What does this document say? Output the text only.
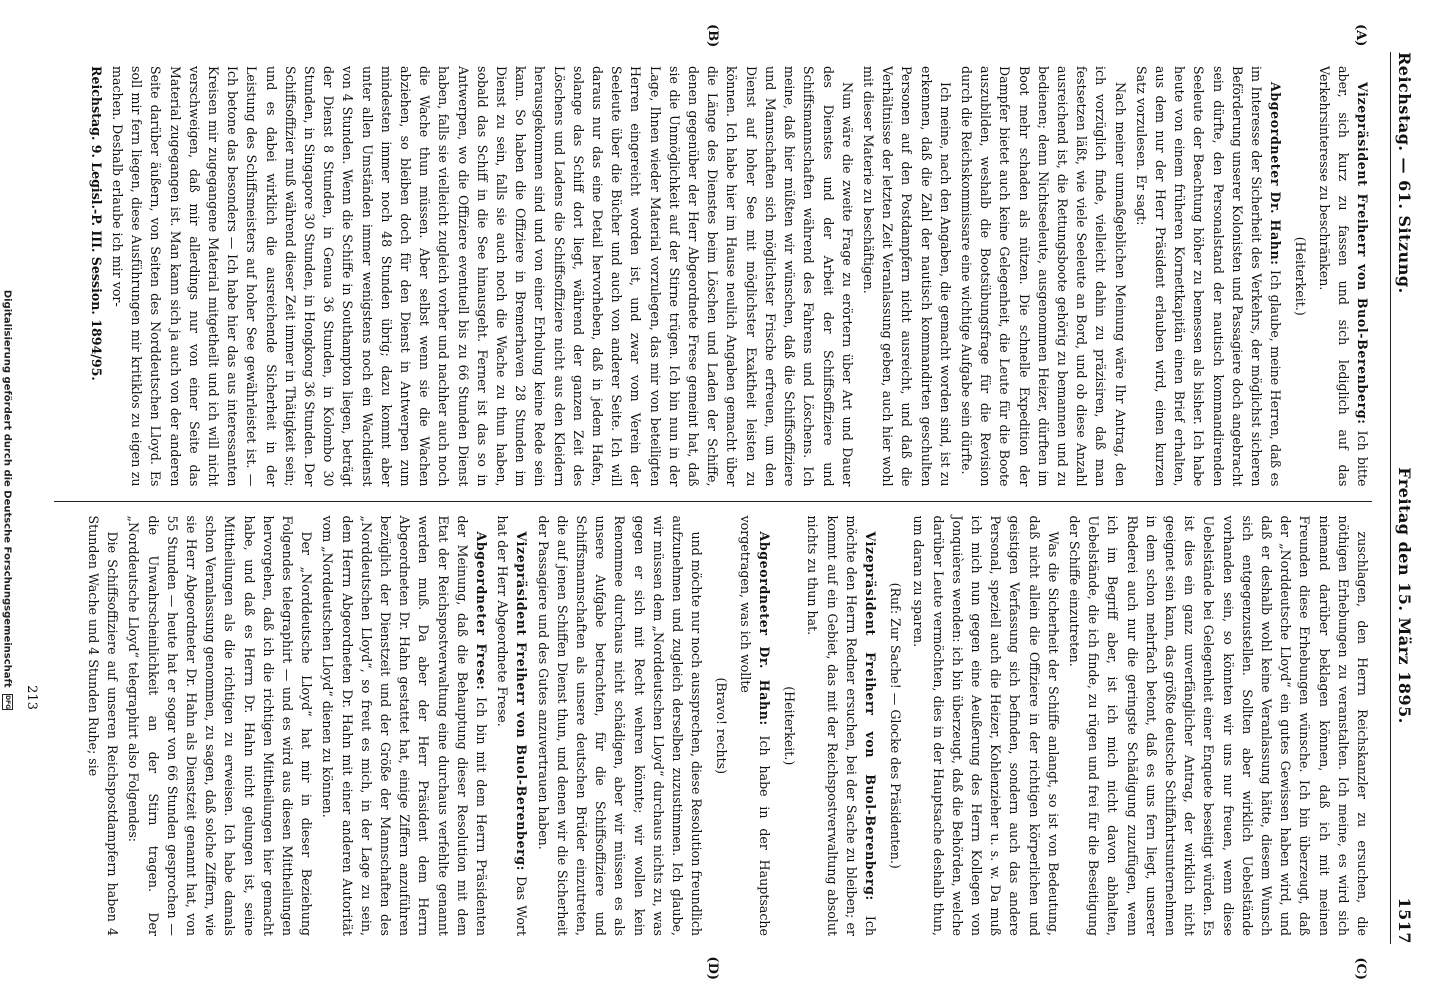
Reichstag. — 61. Sitzung.
Freitag den 15. März 1895.
1517
(A)
(B)
(C)
(D)

Vizepräsident Freiherr von Buol-Berenberg: Ich bitte aber, sich kurz zu fassen und sich lediglich auf das Verkehrsinteresse zu beschränken.

(Heiterkeit.)

Abgeordneter Dr. Hahn: Ich glaube, meine Herren, daß es im Interesse der Sicherheit des Verkehrs, der möglichst sicheren Beförderung unserer Kolonisten und Passagiere doch angebracht sein dürfte, den Personalstand der nautisch kommandirenden Seeleute der Beachtung höher zu bemessen als bisher. Ich habe heute von einem früheren Kornettkapitän einen Brief erhalten, aus dem nur der Herr Präsident erlauben wird, einen kurzen Satz vorzulesen. Er sagt:

Nach meiner unmaßgeblichen Meinung wäre Ihr Antrag, den ich vorzüglich finde, vielleicht dahin zu präzisiren, daß man festsetzen läßt, wie viele Seeleute an Bord, und ob diese Anzahl ausreichend ist, die Rettungsboote gehörig zu bemannen und zu bedienen; denn Nichtseeleute, ausgenommen Heizer, dürften im Boot mehr schaden als nützen. Die schnelle Expedition der Dampfer bietet auch keine Gelegenheit, die Leute für die Boote auszubilden, weshalb die Bootsübungsfrage für die Revision durch die Reichskommissare eine wichtige Aufgabe sein dürfte.

Ich meine, nach den Angaben, die gemacht worden sind, ist zu erkennen, daß die Zahl der nautisch kommandirten geschulten Personen auf den Postdampfern nicht ausreicht, und daß die Verhältnisse der letzten Zeit Veranlassung geben, auch hier wohl mit dieser Materie zu beschäftigen.

Nun wäre die zweite Frage zu erörtern über Art und Dauer des Dienstes und der Arbeit der Schiffsoffiziere und Schiffsmannschaften während des Fahrens und Löschens. Ich meine, daß hier müßten wir wünschen, daß die Schiffsoffiziere und Mannschaften sich möglichster Frische erfreuen, um den Dienst auf hoher See mit möglichster Exaktheit leisten zu können. Ich habe hier im Hause neulich Angaben gemacht über die Länge des Dienstes beim Löschen und Laden der Schiffe, denen gegenüber der Herr Abgeordnete Frese gemeint hat, daß sie die Unmöglichkeit auf der Stirne trügen. Ich bin nun in der Lage, Ihnen wieder Material vorzulegen, das mir von beteiligten Herren eingereicht worden ist, und zwar vom Verein der Seeleute über die Bücher und auch von anderer Seite. Ich will daraus nur das eine Detail hervorheben, daß in jedem Hafen, solange das Schiff dort liegt, während der ganzen Zeit des Löschens und Ladens die Schiffsoffiziere nicht aus den Kleidern herausgekommen sind und von einer Erholung keine Rede sein kann. So haben die Offiziere in Bremerhaven 28 Stunden im Dienst zu sein, falls sie auch noch die Wache zu thun haben, sobald das Schiff in die See hinausgeht. Ferner ist das so in Antwerpen, wo die Offiziere eventuell bis zu 66 Stunden Dienst haben, falls sie vielleicht zugleich vorher und nachher auch noch die Wache thun müssen. Aber selbst wenn sie die Wachen abziehen, so bleiben doch für den Dienst in Antwerpen zum mindesten immer noch 48 Stunden übrig; dazu kommt aber unter allen Umständen immer wenigstens noch ein Wachdienst von 4 Stunden. Wenn die Schiffe in Southampton liegen, beträgt der Dienst 8 Stunden, in Genua 36 Stunden, in Kolombo 30 Stunden, in Singapore 30 Stunden, in Hongkong 36 Stunden. Der Schiffsoffizier muß während dieser Zeit immer in Thätigkeit sein; und es dabei wirklich die ausreichende Sicherheit in der Leistung des Schiffsmeisters auf hoher See gewährleistet ist. — Ich betone das besonders — Ich habe hier das aus interessanten Kreisen mir zugegangene Material mitgetheilt und ich will nicht verschweigen, daß mir allerdings nur von einer Seite das Material zugegangen ist. Man kann sich ja auch von der anderen Seite darüber äußern, von Seiten des Norddeutschen Lloyd. Es soll mir fern liegen, diese Ausführungen mir kritiklos zu eigen zu machen. Deshalb erlaube ich mir vor-

Reichstag. 9. Legisl.-P. III. Session. 1894/95.

zuschlagen, den Herrn Reichskanzler zu ersuchen, die nöthigen Erhebungen zu veranstalten. Ich meine, es wird sich niemand darüber beklagen können, daß ich mit meinen Freunden diese Erhebungen wünsche. Ich bin überzeugt, daß der „Norddeutsche Lloyd“ ein gutes Gewissen haben wird, und daß er deshalb wohl keine Veranlassung hätte, diesem Wunsch sich entgegenzustellen. Sollten aber wirklich Uebelstände vorhanden sein, so könnten wir uns nur freuen, wenn diese Uebelstände bei Gelegenheit einer Enquete beseitigt würden. Es ist dies ein ganz unverfänglicher Antrag, der wirklich nicht geeignet sein kann, das größte deutsche Schiffahrtsunternehmen in dem schon mehrfach betont, daß es uns fern liegt, unserer Rhederei auch nur die geringste Schädigung zuzufügen, wenn ich im Begriff aber, ist ich mich nicht davon abhalten, Uebelstände, die ich finde, zu rügen und frei für die Beseitigung der Schiffe einzutreten.

Was die Sicherheit der Schiffe anlangt, so ist von Bedeutung, daß nicht allein die Offiziere in der richtigen körperlichen und geistigen Verfassung sich befinden, sondern auch das andere Personal, speziell auch die Heizer, Kohlenzieher u. s. w. Da muß ich mich nun gegen eine Aeußerung des Herrn Kollegen von Jonquières wenden: ich bin überzeugt, daß die Behörden, welche darüber Leute vermöchten, dies in der Hauptsache deshalb thun, um daran zu sparen.

(Ruf: Zur Sache! — Glocke des Präsidenten.)

Vizepräsident Freiherr von Buol-Berenberg: Ich möchte den Herrn Redner ersuchen, bei der Sache zu bleiben; er kommt auf ein Gebiet, das mit der Reichspostverwaltung absolut nichts zu thun hat.

(Heiterkeit.)

Abgeordneter Dr. Hahn: Ich habe in der Hauptsache vorgetragen, was ich wollte

(Bravo! rechts)

und möchte nur noch aussprechen, diese Resolution freundlich aufzunehmen und zugleich derselben zuzustimmen. Ich glaube, wir müssen dem „Norddeutschen Lloyd“ durchaus nichts zu, was gegen er sich mit Recht wehren könnte; wir wollen kein Renommee durchaus nicht schädigen, aber wir müssen es als unsere Aufgabe betrachten, für die Schiffsoffiziere und Schiffsmannschaften als unsere deutschen Brüder einzutreten, die auf jenen Schiffen Dienst thun, und denen wir die Sicherheit der Passagiere und des Gutes anzuvertrauen haben.

Vizepräsident Freiherr von Buol-Berenberg: Das Wort hat der Herr Abgeordnete Frese.

Abgeordneter Frese: Ich bin mit dem Herrn Präsidenten der Meinung, daß die Behauptung dieser Resolution mit dem Etat der Reichspostverwaltung eine durchaus verfehlte genannt werden muß. Da aber der Herr Präsident dem Herrn Abgeordneten Dr. Hahn gestattet hat, einige Ziffern anzuführen bezüglich der Dienstzeit und der Größe der Mannschaften des „Norddeutschen Lloyd“, so freut es mich, in der Lage zu sein, dem Herrn Abgeordneten Dr. Hahn mit einer anderen Autorität vom „Norddeutschen Lloyd“ dienen zu können.

Der „Norddeutsche Lloyd“ hat mir in dieser Beziehung Folgendes telegraphirt — und es wird aus diesen Mittheilungen hervorgehen, daß ich die richtigen Mittheilungen hier gemacht habe, und daß es Herrn Dr. Hahn nicht gelungen ist, seine Mittheilungen als die richtigen zu erweisen. Ich habe damals schon Veranlassung genommen, zu sagen, daß solche Ziffern, wie sie Herr Abgeordneter Dr. Hahn als Dienstzeit genannt hat, von 55 Stunden — heute hat er sogar von 66 Stunden gesprochen — die Unwahrscheinlichkeit an der Stirn tragen. Der „Norddeutsche Lloyd“ telegraphirt also Folgendes:

Die Schiffsoffiziere auf unseren Reichspostdampfern haben 4 Stunden Wache und 4 Stunden Ruhe; sie

213
Digitalisierung gefördert durch die Deutsche Forschungsgemeinschaft DFG
